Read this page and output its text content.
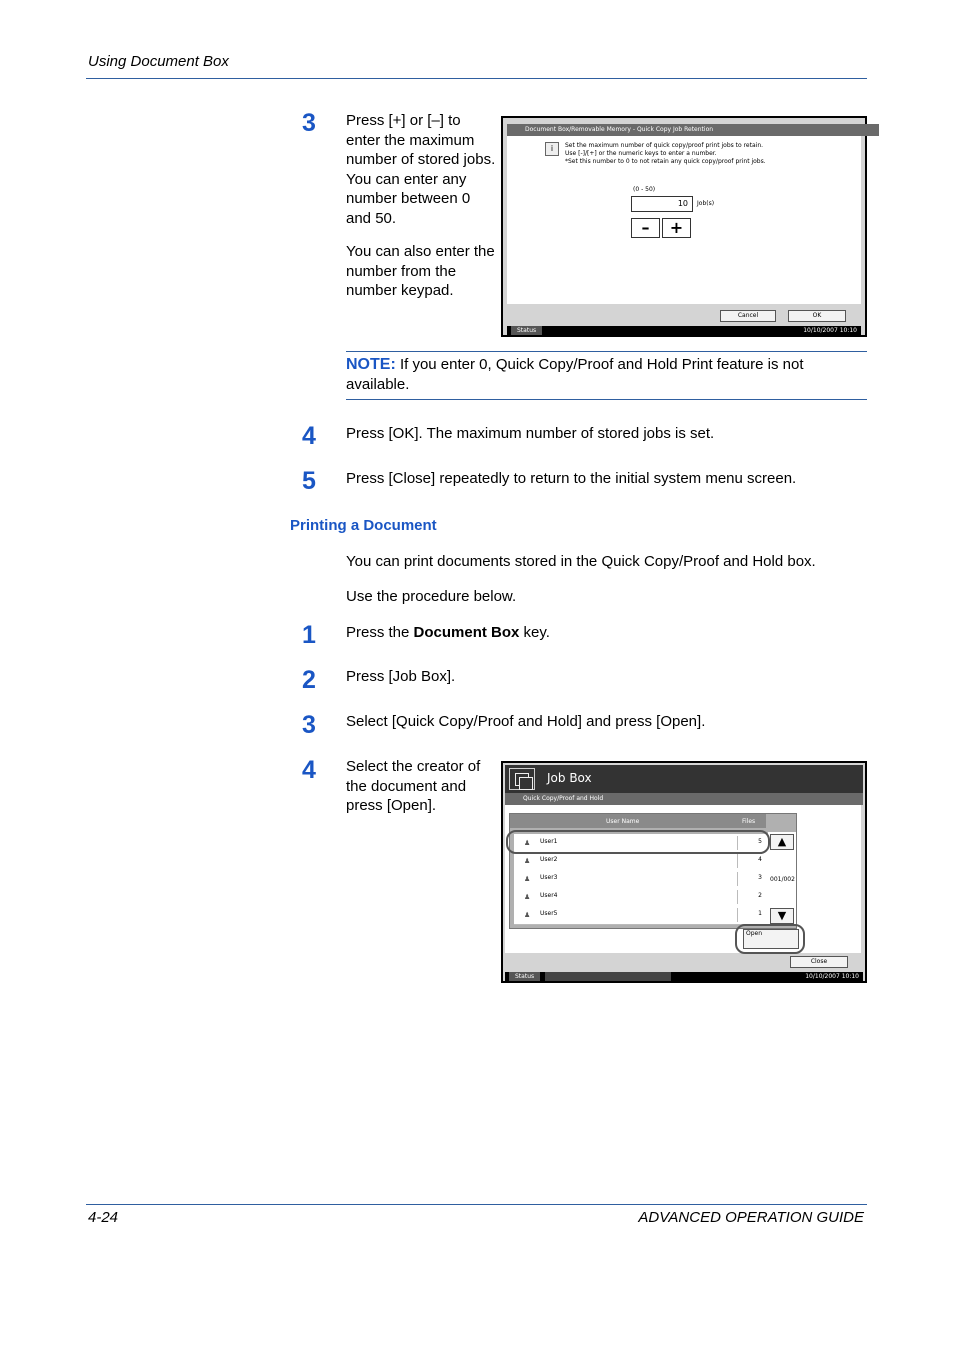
Using Document Box
3	Press [+] or [–] to enter the maximum number of stored jobs. You can enter any number between 0 and 50.
You can also enter the number from the number keypad.
Document Box/Removable Memory - Quick Copy Job Retention
i	Set the maximum number of quick copy/proof print jobs to retain.
Use [-]/[+] or the numeric keys to enter a number.
*Set this number to 0 to not retain any quick copy/proof print jobs.
(0 - 50)
10	Job(s)
–	+
Cancel	OK
Status	10/10/2007 10:10
NOTE: If you enter 0, Quick Copy/Proof and Hold Print feature is not available.
4	Press [OK]. The maximum number of stored jobs is set.
5	Press [Close] repeatedly to return to the initial system menu screen.
Printing a Document
You can print documents stored in the Quick Copy/Proof and Hold box.
Use the procedure below.
1	Press the Document Box key.
2	Press [Job Box].
3	Select [Quick Copy/Proof and Hold] and press [Open].
4	Select the creator of the document and press [Open].
Job Box
Quick Copy/Proof and Hold
User Name	Files
♟ User1	5
♟ User2	4
♟ User3	3
♟ User4	2
♟ User5	1
▲
001/002
▼
Open
Close
Status	10/10/2007 10:10
4-24	ADVANCED OPERATION GUIDE
